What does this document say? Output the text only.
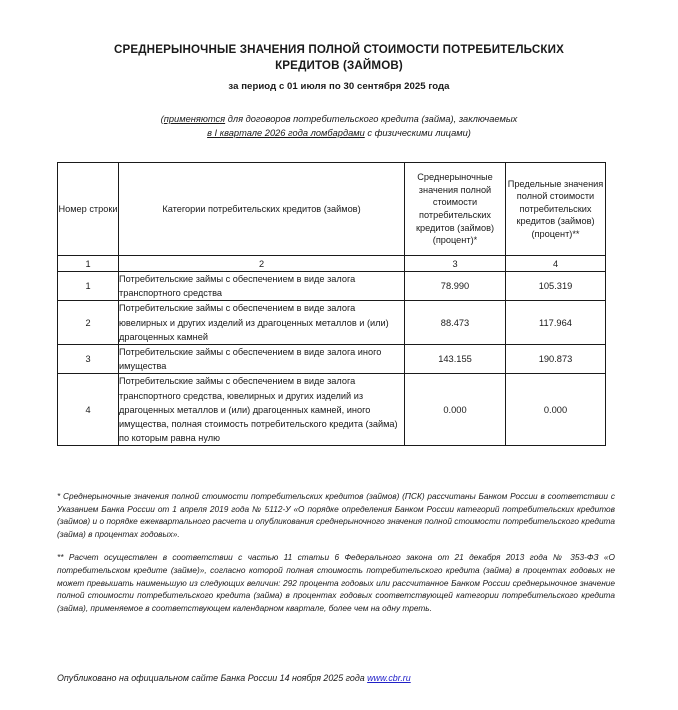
СРЕДНЕРЫНОЧНЫЕ ЗНАЧЕНИЯ ПОЛНОЙ СТОИМОСТИ ПОТРЕБИТЕЛЬСКИХ КРЕДИТОВ (ЗАЙМОВ)
за период с 01 июля по 30 сентября 2025 года
(применяются для договоров потребительского кредита (займа), заключаемых
в I квартале 2026 года ломбардами с физическими лицами)
Номер строки	Категории потребительских кредитов (займов)	Среднерыночные значения полной стоимости потребительских кредитов (займов) (процент)*	Предельные значения полной стоимости потребительских кредитов (займов) (процент)**
1	2	3	4
1	Потребительские займы с обеспечением в виде залога транспортного средства	78.990	105.319
2	Потребительские займы с обеспечением в виде залога ювелирных и других изделий из драгоценных металлов и (или) драгоценных камней	88.473	117.964
3	Потребительские займы с обеспечением в виде залога иного имущества	143.155	190.873
4	Потребительские займы с обеспечением в виде залога транспортного средства, ювелирных и других изделий из драгоценных металлов и (или) драгоценных камней, иного имущества, полная стоимость потребительского кредита (займа) по которым равна нулю	0.000	0.000
* Среднерыночные значения полной стоимости потребительских кредитов (займов) (ПСК) рассчитаны Банком России в соответствии с Указанием Банка России от 1 апреля 2019 года № 5112-У «О порядке определения Банком России категорий потребительских кредитов (займов) и о порядке ежеквартального расчета и опубликования среднерыночного значения полной стоимости потребительского кредита (займа) в процентах годовых».
** Расчет осуществлен в соответствии с частью 11 статьи 6 Федерального закона от 21 декабря 2013 года № 353-ФЗ «О потребительском кредите (займе)», согласно которой полная стоимость потребительского кредита (займа) в процентах годовых не может превышать наименьшую из следующих величин: 292 процента годовых или рассчитанное Банком России среднерыночное значение полной стоимости потребительского кредита (займа) в процентах годовых соответствующей категории потребительского кредита (займа), применяемое в соответствующем календарном квартале, более чем на одну треть.
Опубликовано на официальном сайте Банка России 14 ноября 2025 года www.cbr.ru
